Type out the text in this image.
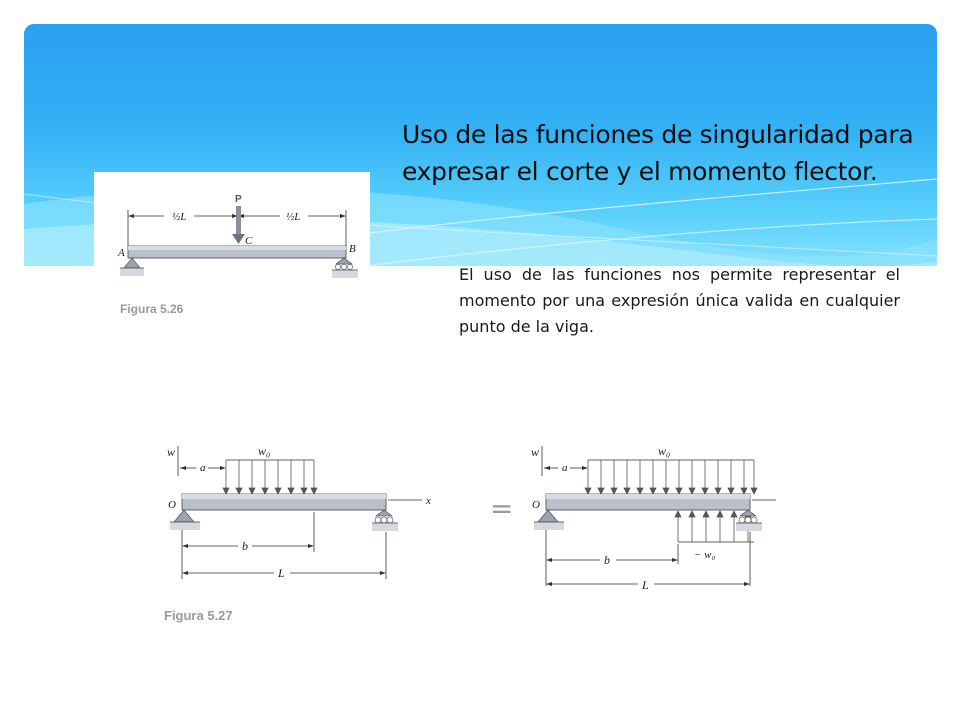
Uso de las funciones de singularidad para expresar el corte y el momento flector.

El uso de las funciones nos permite representar el momento por una expresión única valida en cualquier punto de la viga.

½L	½L
P
A	B
C
Figura 5.26
w
a
w₀
O	x
b
L
Figura 5.27
=
w
a
w₀
O
− w₀
b
L
